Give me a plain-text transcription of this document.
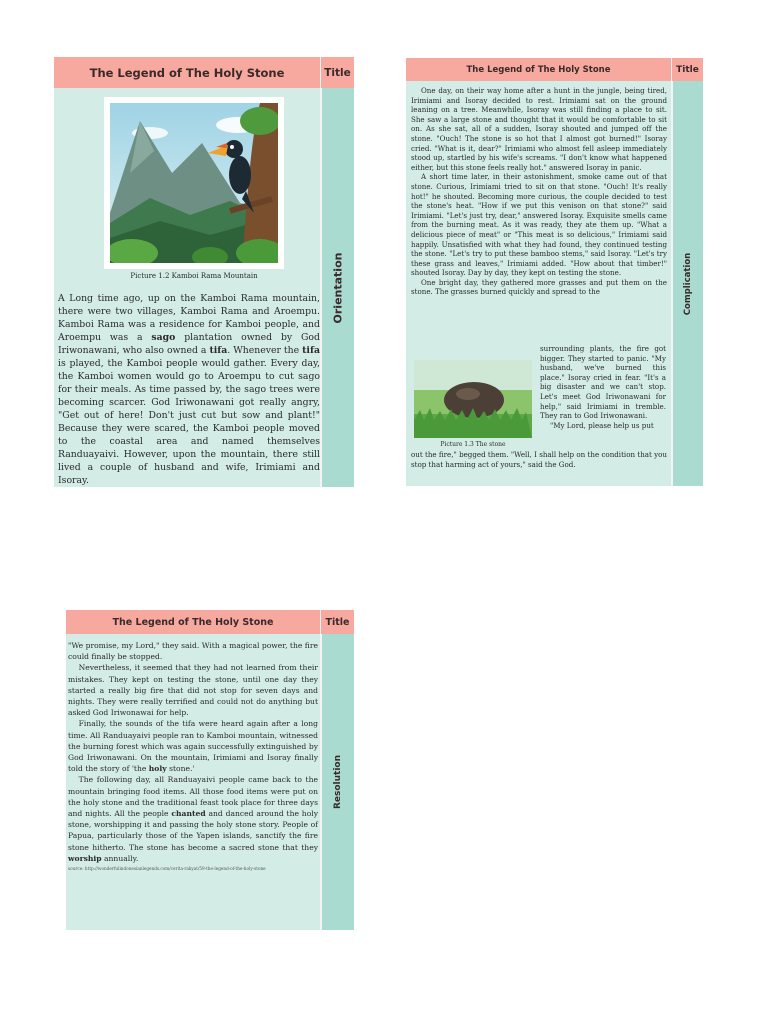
The Legend of The Holy Stone	Title
Orientation
Picture 1.2 Kamboi Rama Mountain

A Long time ago, up on the Kamboi Rama mountain, there were two villages, Kamboi Rama and Aroempu. Kamboi Rama was a residence for Kamboi people, and Aroempu was a sago plantation owned by God Iriwonawani, who also owned a tifa. Whenever the tifa is played, the Kamboi people would gather. Every day, the Kamboi women would go to Aroempu to cut sago for their meals. As time passed by, the sago trees were becoming scarcer. God Iriwonawani got really angry, "Get out of here! Don't just cut but sow and plant!" Because they were scared, the Kamboi people moved to the coastal area and named themselves Randuayaivi. However, upon the mountain, there still lived a couple of husband and wife, Irimiami and Isoray.

The Legend of The Holy Stone	Title
Complication

One day, on their way home after a hunt in the jungle, being tired, Irimiami and Isoray decided to rest. Irimiami sat on the ground leaning on a tree. Meanwhile, Isoray was still finding a place to sit. She saw a large stone and thought that it would be comfortable to sit on. As she sat, all of a sudden, Isoray shouted and jumped off the stone. "Ouch! The stone is so hot that I almost got burned!" Isoray cried. "What is it, dear?" Irimiami who almost fell asleep immediately stood up, startled by his wife's screams. "I don't know what happened either, but this stone feels really hot." answered Isoray in panic.

A short time later, in their astonishment, smoke came out of that stone. Curious, Irimiami tried to sit on that stone. "Ouch! It's really hot!" he shouted. Becoming more curious, the couple decided to test the stone's heat. "How if we put this venison on that stone?" said Irimiami. "Let's just try, dear," answered Isoray. Exquisite smells came from the burning meat. As it was ready, they ate them up. "What a delicious piece of meat" or "This meat is so delicious," Irimiami said happily. Unsatisfied with what they had found, they continued testing the stone. "Let's try to put these bamboo stems," said Isoray. "Let's try these grass and leaves," Irimiami added. "How about that timber!" shouted Isoray. Day by day, they kept on testing the stone.

One bright day, they gathered more grasses and put them on the stone. The grasses burned quickly and spread to the

Picture 1.3 The stone

surrounding plants, the fire got bigger. They started to panic. "My husband, we've burned this place." Isoray cried in fear. "It's a big disaster and we can't stop. Let's meet God Iriwonawani for help," said Irimiami in tremble. They ran to God Iriwonawani.

"My Lord, please help us put

out the fire," begged them. "Well, I shall help on the condition that you stop that harming act of yours," said the God.
The Legend of The Holy Stone	Title
Resolution

"We promise, my Lord," they said. With a magical power, the fire could finally be stopped.

Nevertheless, it seemed that they had not learned from their mistakes. They kept on testing the stone, until one day they started a really big fire that did not stop for seven days and nights. They were really terrified and could not do anything but asked God Iriwonawai for help.

Finally, the sounds of the tifa were heard again after a long time. All Randuayaivi people ran to Kamboi mountain, witnessed the burning forest which was again successfully extinguished by God Iriwonawani. On the mountain, Irimiami and Isoray finally told the story of 'the holy stone.'

The following day, all Randuayaivi people came back to the mountain bringing food items. All those food items were put on the holy stone and the traditional feast took place for three days and nights. All the people chanted and danced around the holy stone, worshipping it and passing the holy stone story. People of Papua, particularly those of the Yapen islands, sanctify the fire stone hitherto. The stone has become a sacred stone that they worship annually.

source: http://wonderfulindonesianlegends.com/cerita-rakyat/59-the-legend-of-the-holy-stone
